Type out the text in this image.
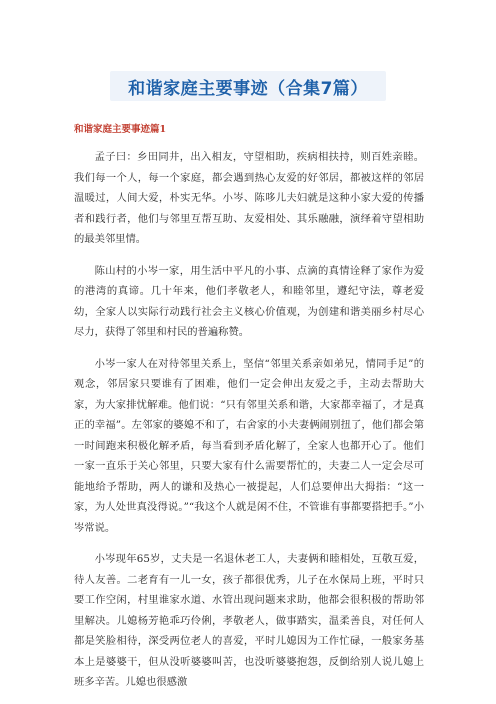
和谐家庭主要事迹（合集7篇）
和谐家庭主要事迹篇1

孟子曰：乡田同井，出入相友，守望相助，疾病相扶持，则百姓亲睦。我们每一个人，每一个家庭，都会遇到热心友爱的好邻居，都被这样的邻居温暖过，人间大爱，朴实无华。小岑、陈哆儿夫妇就是这种小家大爱的传播者和践行者，他们与邻里互帮互助、友爱相处、其乐融融，演绎着守望相助的最美邻里情。

陈山村的小岑一家，用生活中平凡的小事、点滴的真情诠释了家作为爱的港湾的真谛。几十年来，他们孝敬老人，和睦邻里，遵纪守法，尊老爱幼，全家人以实际行动践行社会主义核心价值观，为创建和谐美丽乡村尽心尽力，获得了邻里和村民的普遍称赞。

小岑一家人在对待邻里关系上，坚信“邻里关系亲如弟兄，情同手足”的观念，邻居家只要谁有了困难，他们一定会伸出友爱之手，主动去帮助大家，为大家排忧解难。他们说：“只有邻里关系和谐，大家都幸福了，才是真正的幸福”。左邻家的婆媳不和了，右舍家的小夫妻俩闹别扭了，他们都会第一时间跑来积极化解矛盾，每当看到矛盾化解了，全家人也都开心了。他们一家一直乐于关心邻里，只要大家有什么需要帮忙的，夫妻二人一定会尽可能地给予帮助，两人的谦和及热心一被提起，人们总要伸出大拇指：“这一家，为人处世真没得说。”“我这个人就是闲不住，不管谁有事都要搭把手。”小岑常说。

小岑现年65岁，丈夫是一名退休老工人，夫妻俩和睦相处，互敬互爱，待人友善。二老育有一儿一女，孩子都很优秀，儿子在水保局上班，平时只要工作空闲，村里谁家水道、水管出现问题来求助，他都会很积极的帮助邻里解决。儿媳杨芳艳乖巧伶俐，孝敬老人，做事踏实，温柔善良，对任何人都是笑脸相待，深受两位老人的喜爱，平时儿媳因为工作忙碌，一般家务基本上是婆婆干，但从没听婆婆叫苦，也没听婆婆抱怨，反倒给别人说儿媳上班多辛苦。儿媳也很感激
